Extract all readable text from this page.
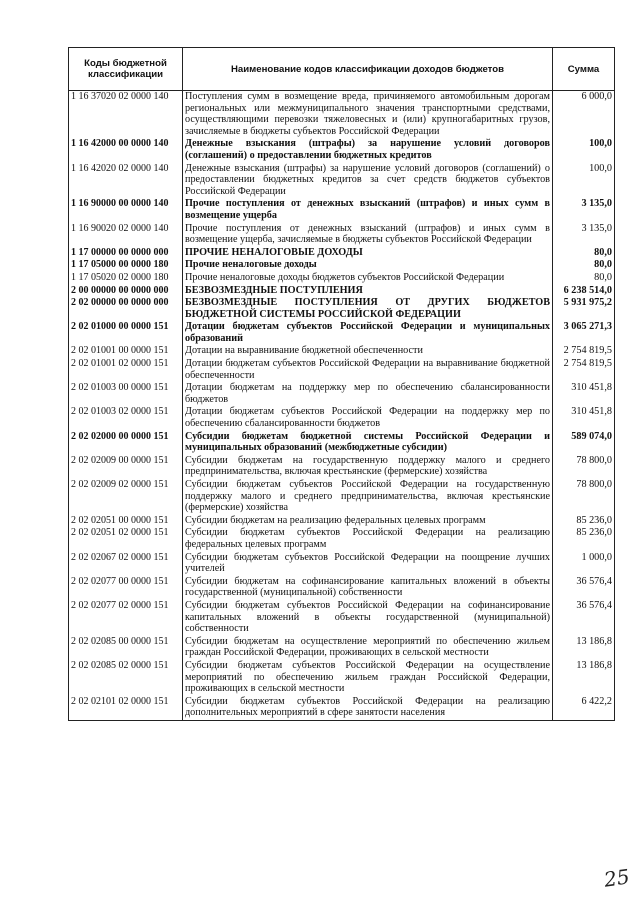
Коды бюджетной классификации	Наименование кодов классификации доходов бюджетов	Сумма
1 16 37020 02 0000 140	Поступления сумм в возмещение вреда, причиняемого автомобильным дорогам региональных или межмуниципального значения транспортными средствами, осуществляющими перевозки тяжеловесных и (или) крупногабаритных грузов, зачисляемые в бюджеты субъектов Российской Федерации	6 000,0
1 16 42000 00 0000 140	Денежные взыскания (штрафы) за нарушение условий договоров (соглашений) о предоставлении бюджетных кредитов	100,0
1 16 42020 02 0000 140	Денежные взыскания (штрафы) за нарушение условий договоров (соглашений) о предоставлении бюджетных кредитов за счет средств бюджетов субъектов Российской Федерации	100,0
1 16 90000 00 0000 140	Прочие поступления от денежных взысканий (штрафов) и иных сумм в возмещение ущерба	3 135,0
1 16 90020 02 0000 140	Прочие поступления от денежных взысканий (штрафов) и иных сумм в возмещение ущерба, зачисляемые в бюджеты субъектов Российской Федерации	3 135,0
1 17 00000 00 0000 000	ПРОЧИЕ НЕНАЛОГОВЫЕ ДОХОДЫ	80,0
1 17 05000 00 0000 180	Прочие неналоговые доходы	80,0
1 17 05020 02 0000 180	Прочие неналоговые доходы бюджетов субъектов Российской Федерации	80,0
2 00 00000 00 0000 000	БЕЗВОЗМЕЗДНЫЕ ПОСТУПЛЕНИЯ	6 238 514,0
2 02 00000 00 0000 000	БЕЗВОЗМЕЗДНЫЕ ПОСТУПЛЕНИЯ ОТ ДРУГИХ БЮДЖЕТОВ БЮДЖЕТНОЙ СИСТЕМЫ РОССИЙСКОЙ ФЕДЕРАЦИИ	5 931 975,2
2 02 01000 00 0000 151	Дотации бюджетам субъектов Российской Федерации и муниципальных образований	3 065 271,3
2 02 01001 00 0000 151	Дотации на выравнивание бюджетной обеспеченности	2 754 819,5
2 02 01001 02 0000 151	Дотации бюджетам субъектов Российской Федерации на выравнивание бюджетной обеспеченности	2 754 819,5
2 02 01003 00 0000 151	Дотации бюджетам на поддержку мер по обеспечению сбалансированности бюджетов	310 451,8
2 02 01003 02 0000 151	Дотации бюджетам субъектов Российской Федерации на поддержку мер по обеспечению сбалансированности бюджетов	310 451,8
2 02 02000 00 0000 151	Субсидии бюджетам бюджетной системы Российской Федерации и муниципальных образований (межбюджетные субсидии)	589 074,0
2 02 02009 00 0000 151	Субсидии бюджетам на государственную поддержку малого и среднего предпринимательства, включая крестьянские (фермерские) хозяйства	78 800,0
2 02 02009 02 0000 151	Субсидии бюджетам субъектов Российской Федерации на государственную поддержку малого и среднего предпринимательства, включая крестьянские (фермерские) хозяйства	78 800,0
2 02 02051 00 0000 151	Субсидии бюджетам на реализацию федеральных целевых программ	85 236,0
2 02 02051 02 0000 151	Субсидии бюджетам субъектов Российской Федерации на реализацию федеральных целевых программ	85 236,0
2 02 02067 02 0000 151	Субсидии бюджетам субъектов Российской Федерации на поощрение лучших учителей	1 000,0
2 02 02077 00 0000 151	Субсидии бюджетам на софинансирование капитальных вложений в объекты государственной (муниципальной) собственности	36 576,4
2 02 02077 02 0000 151	Субсидии бюджетам субъектов Российской Федерации на софинансирование капитальных вложений в объекты государственной (муниципальной) собственности	36 576,4
2 02 02085 00 0000 151	Субсидии бюджетам на осуществление мероприятий по обеспечению жильем граждан Российской Федерации, проживающих в сельской местности	13 186,8
2 02 02085 02 0000 151	Субсидии бюджетам субъектов Российской Федерации на осуществление мероприятий по обеспечению жильем граждан Российской Федерации, проживающих в сельской местности	13 186,8
2 02 02101 02 0000 151	Субсидии бюджетам субъектов Российской Федерации на реализацию дополнительных мероприятий в сфере занятости населения	6 422,2
25
